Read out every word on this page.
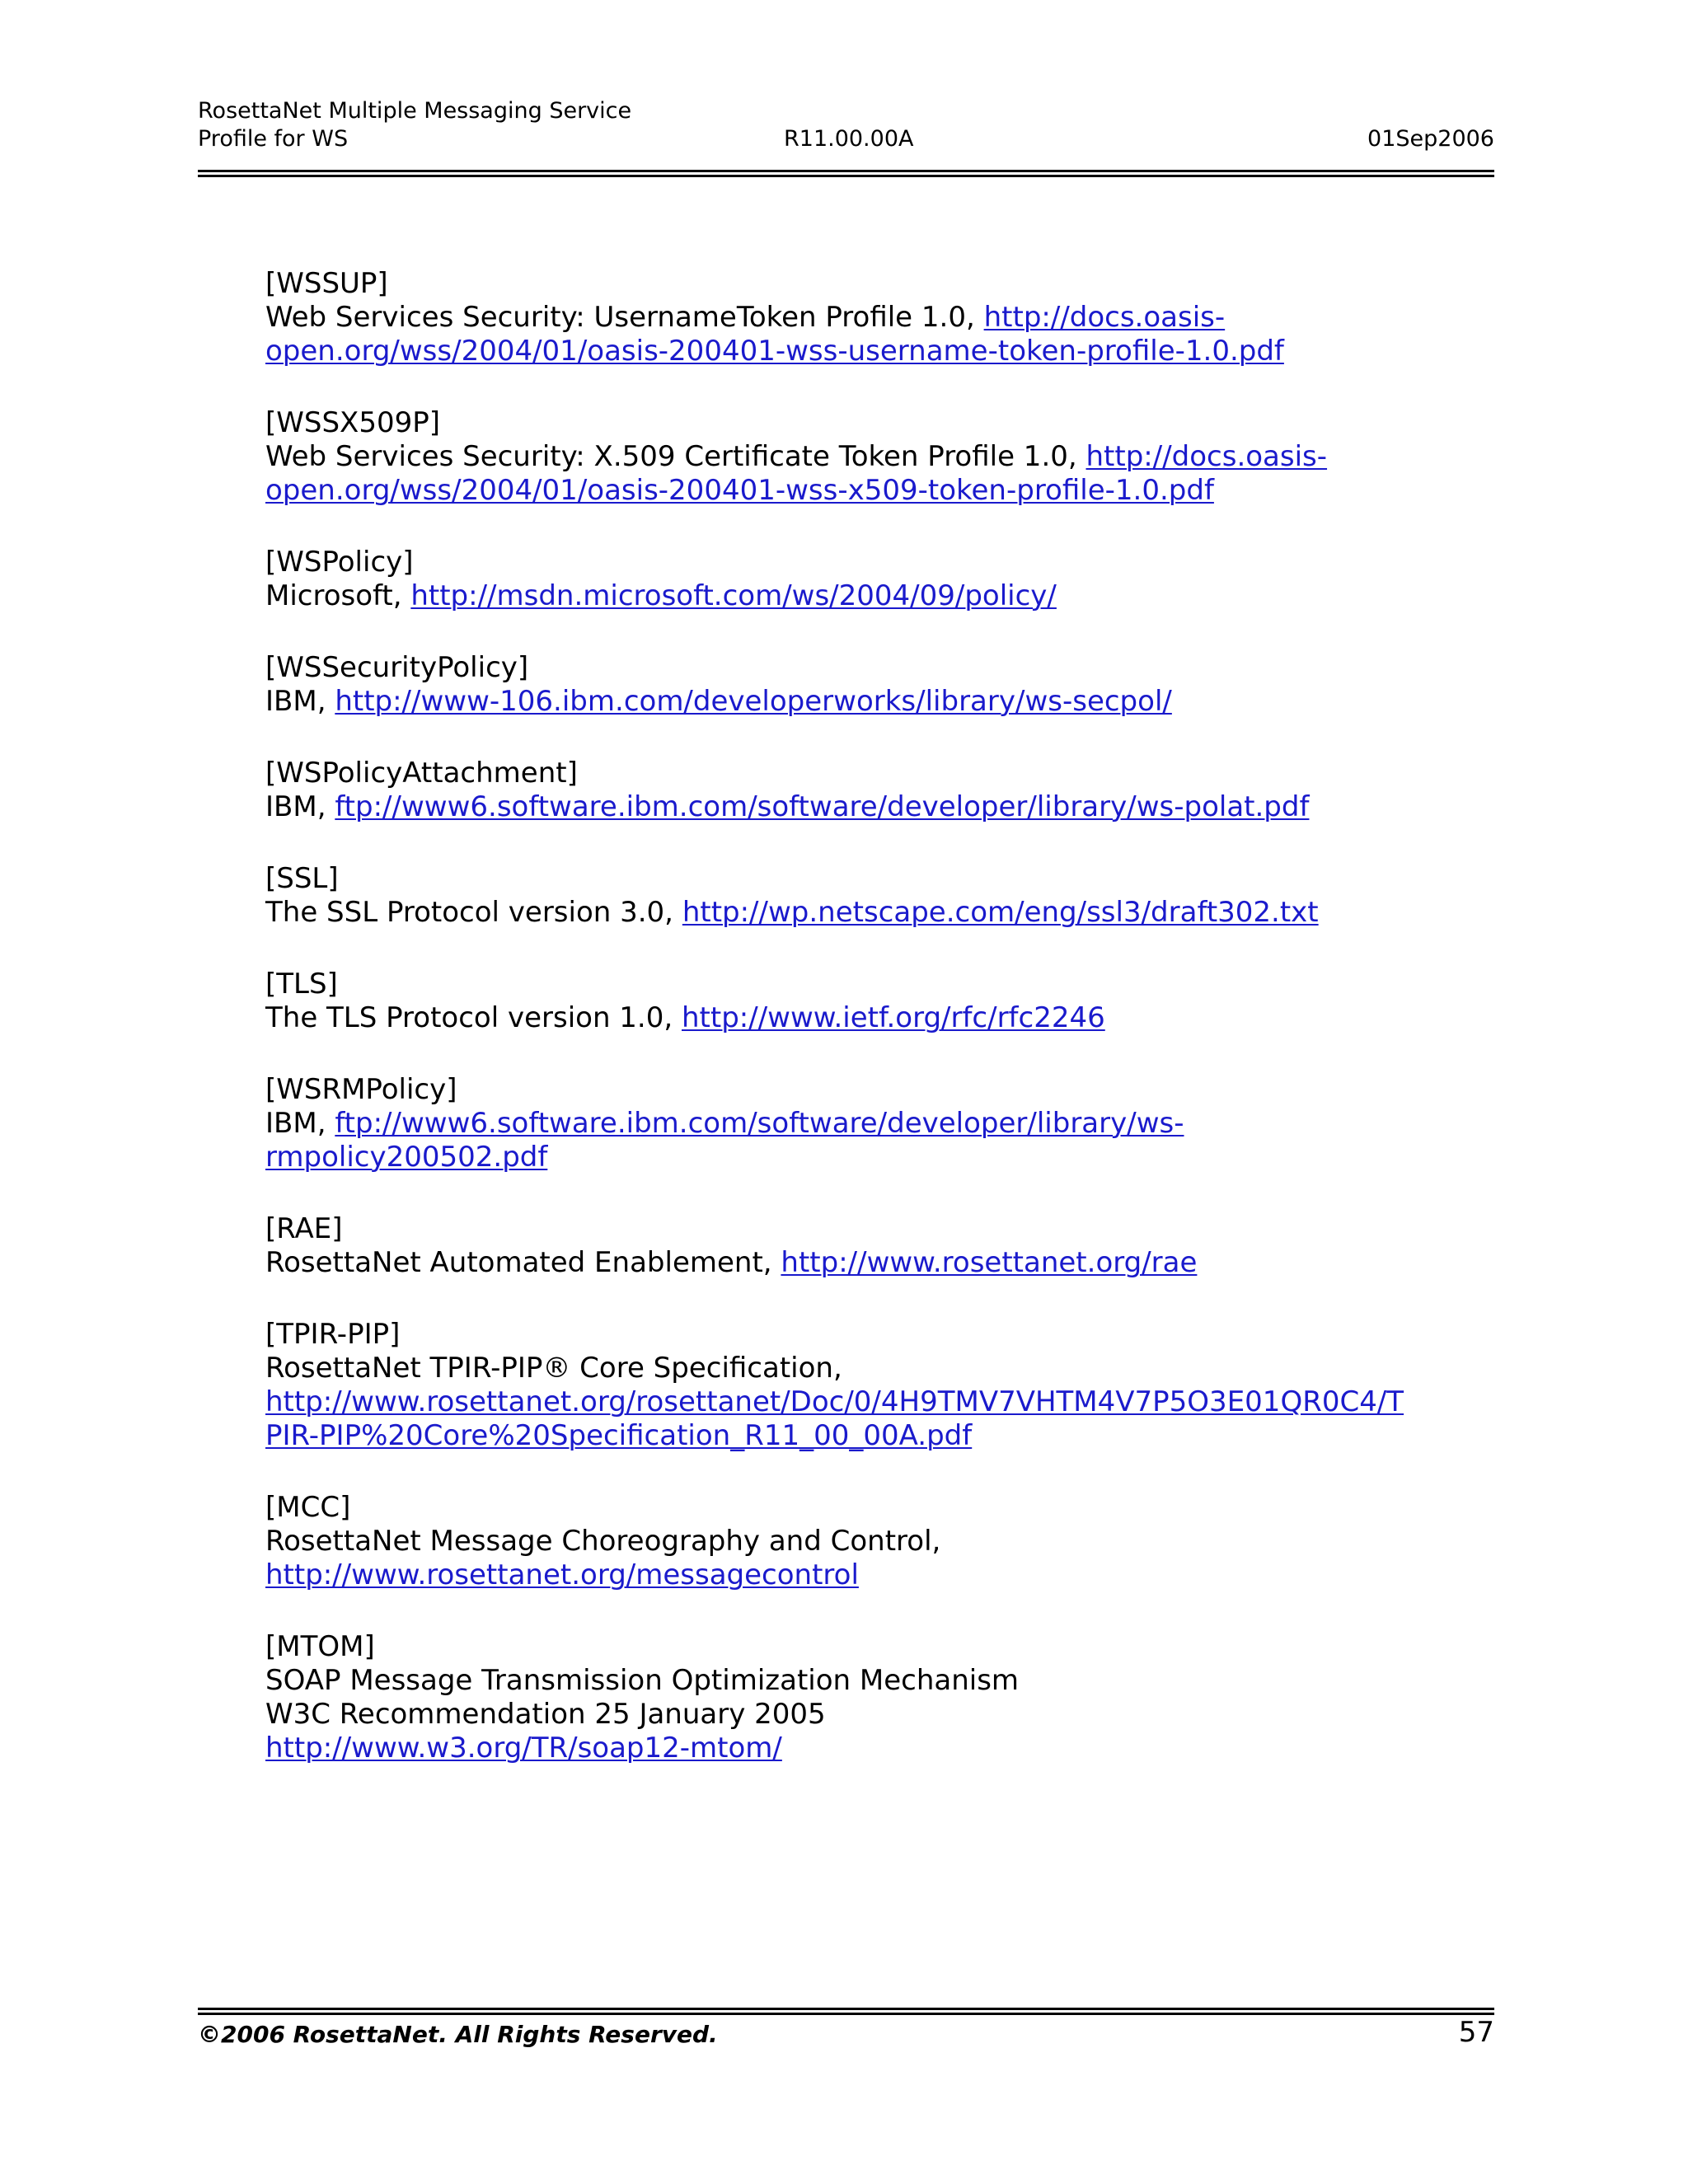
RosettaNet Multiple Messaging Service
Profile for WS	R11.00.00A	01Sep2006
[WSSUP]
Web Services Security: UsernameToken Profile 1.0, http://docs.oasis-
open.org/wss/2004/01/oasis-200401-wss-username-token-profile-1.0.pdf
[WSSX509P]
Web Services Security: X.509 Certificate Token Profile 1.0, http://docs.oasis-
open.org/wss/2004/01/oasis-200401-wss-x509-token-profile-1.0.pdf
[WSPolicy]
Microsoft, http://msdn.microsoft.com/ws/2004/09/policy/
[WSSecurityPolicy]
IBM, http://www-106.ibm.com/developerworks/library/ws-secpol/
[WSPolicyAttachment]
IBM, ftp://www6.software.ibm.com/software/developer/library/ws-polat.pdf
[SSL]
The SSL Protocol version 3.0, http://wp.netscape.com/eng/ssl3/draft302.txt
[TLS]
The TLS Protocol version 1.0, http://www.ietf.org/rfc/rfc2246
[WSRMPolicy]
IBM, ftp://www6.software.ibm.com/software/developer/library/ws-
rmpolicy200502.pdf
[RAE]
RosettaNet Automated Enablement, http://www.rosettanet.org/rae
[TPIR-PIP]
RosettaNet TPIR-PIP® Core Specification,
http://www.rosettanet.org/rosettanet/Doc/0/4H9TMV7VHTM4V7P5O3E01QR0C4/T
PIR-PIP%20Core%20Specification_R11_00_00A.pdf
[MCC]
RosettaNet Message Choreography and Control,
http://www.rosettanet.org/messagecontrol
[MTOM]
SOAP Message Transmission Optimization Mechanism
W3C Recommendation 25 January 2005
http://www.w3.org/TR/soap12-mtom/
©2006 RosettaNet. All Rights Reserved.	57
